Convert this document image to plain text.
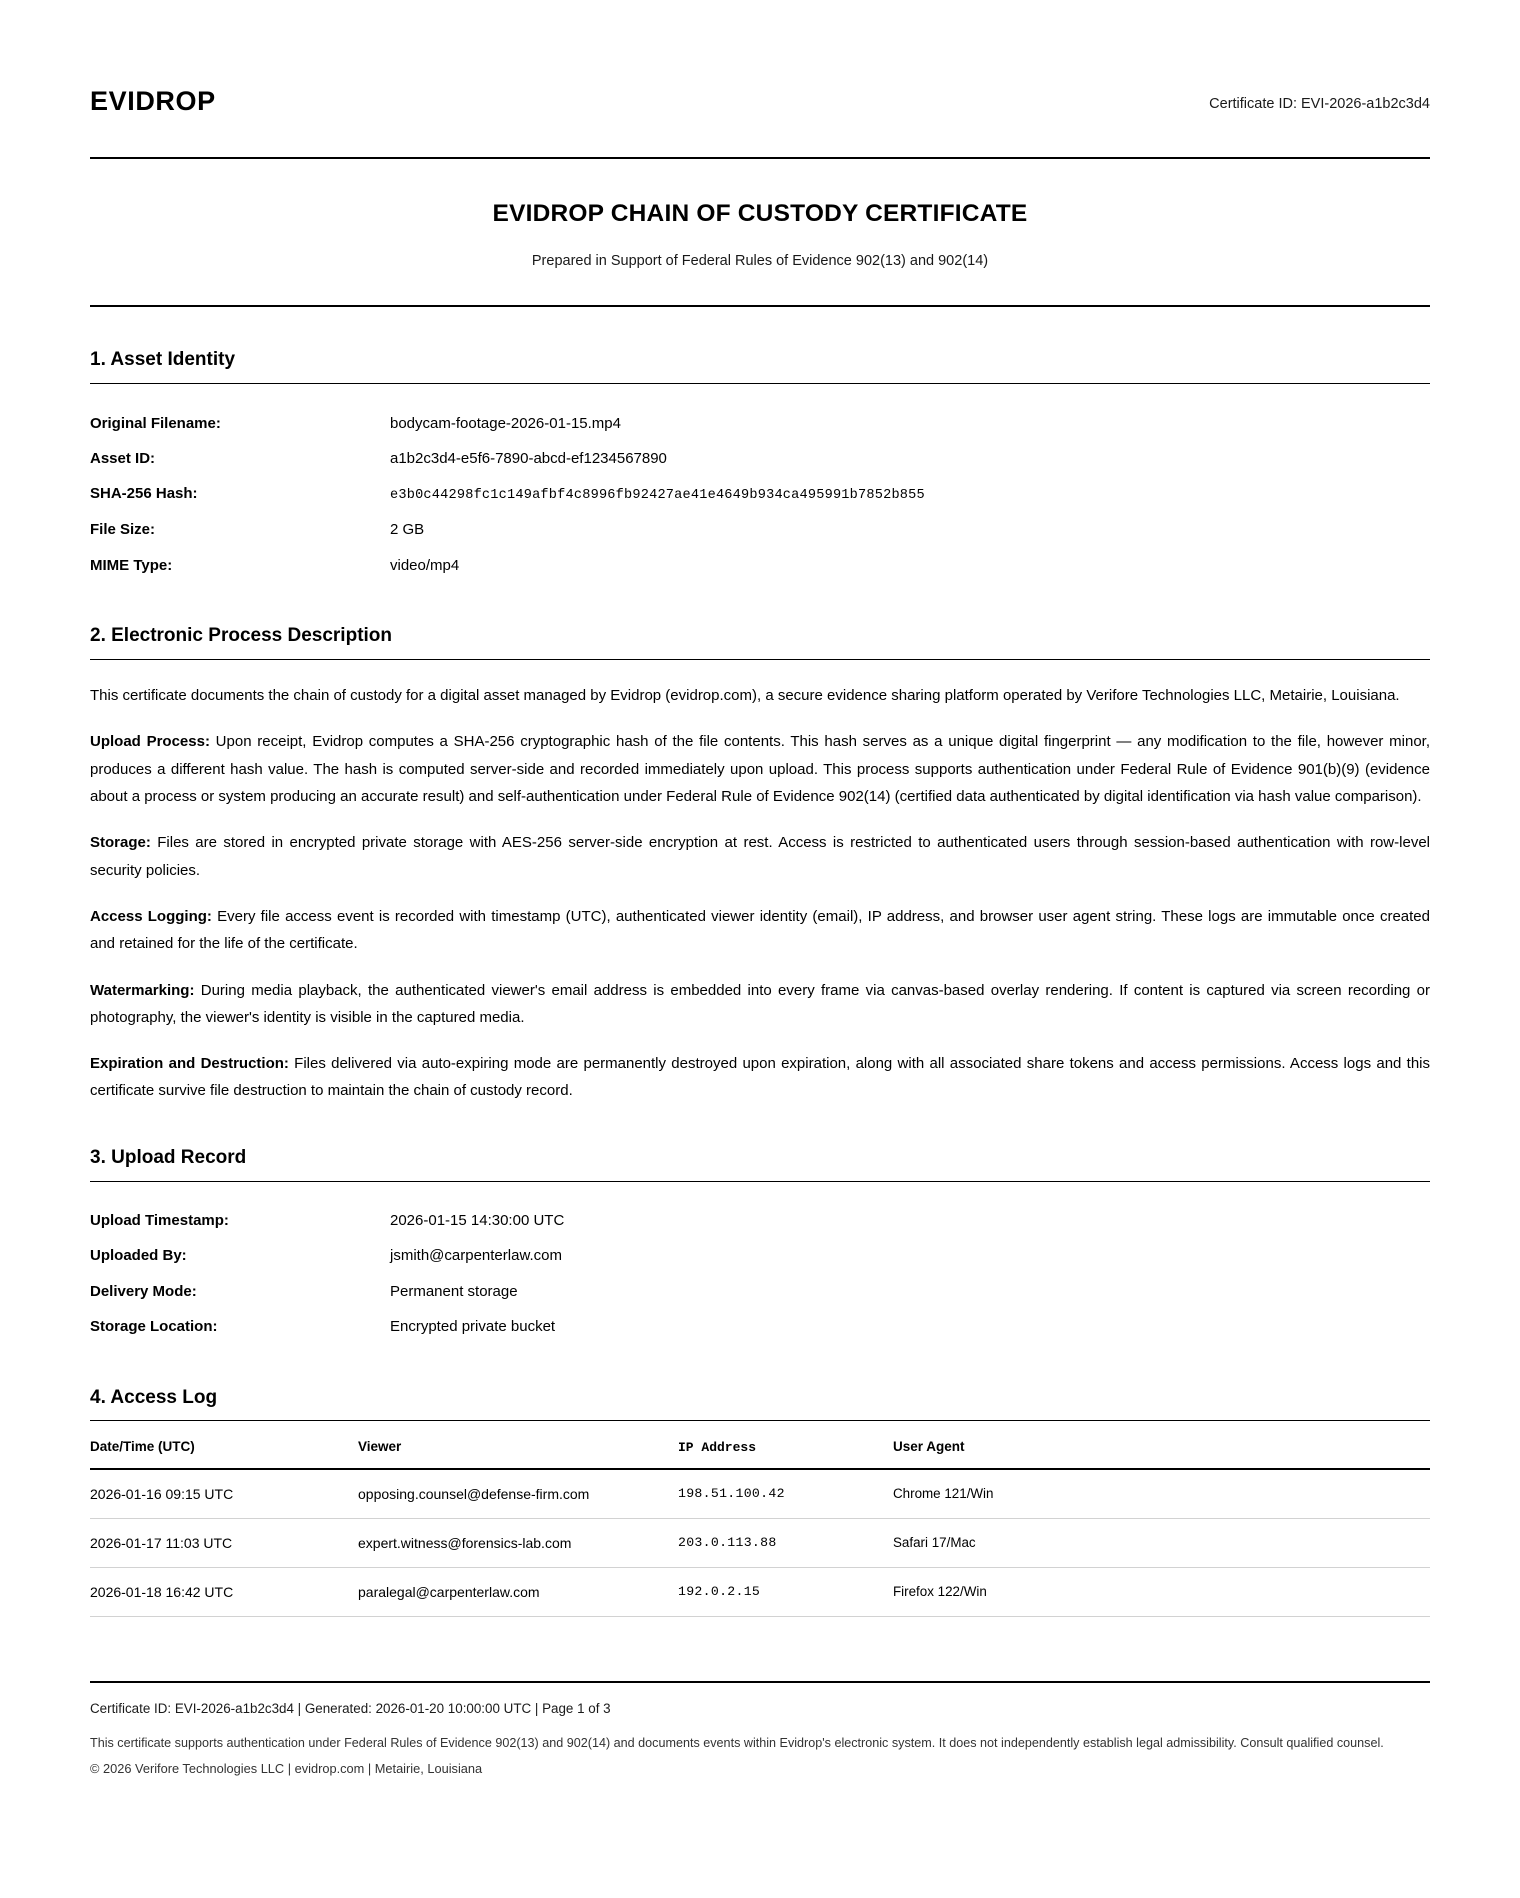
EVIDROP	Certificate ID: EVI-2026-a1b2c3d4
EVIDROP CHAIN OF CUSTODY CERTIFICATE

Prepared in Support of Federal Rules of Evidence 902(13) and 902(14)

1. Asset Identity
Original Filename:	bodycam-footage-2026-01-15.mp4
Asset ID:	a1b2c3d4-e5f6-7890-abcd-ef1234567890
SHA-256 Hash:	e3b0c44298fc1c149afbf4c8996fb92427ae41e4649b934ca495991b7852b855
File Size:	2 GB
MIME Type:	video/mp4
2. Electronic Process Description

This certificate documents the chain of custody for a digital asset managed by Evidrop (evidrop.com), a secure evidence sharing platform operated by Verifore Technologies LLC, Metairie, Louisiana.

Upload Process: Upon receipt, Evidrop computes a SHA-256 cryptographic hash of the file contents. This hash serves as a unique digital fingerprint — any modification to the file, however minor, produces a different hash value. The hash is computed server-side and recorded immediately upon upload. This process supports authentication under Federal Rule of Evidence 901(b)(9) (evidence about a process or system producing an accurate result) and self-authentication under Federal Rule of Evidence 902(14) (certified data authenticated by digital identification via hash value comparison).

Storage: Files are stored in encrypted private storage with AES-256 server-side encryption at rest. Access is restricted to authenticated users through session-based authentication with row-level security policies.

Access Logging: Every file access event is recorded with timestamp (UTC), authenticated viewer identity (email), IP address, and browser user agent string. These logs are immutable once created and retained for the life of the certificate.

Watermarking: During media playback, the authenticated viewer's email address is embedded into every frame via canvas-based overlay rendering. If content is captured via screen recording or photography, the viewer's identity is visible in the captured media.

Expiration and Destruction: Files delivered via auto-expiring mode are permanently destroyed upon expiration, along with all associated share tokens and access permissions. Access logs and this certificate survive file destruction to maintain the chain of custody record.

3. Upload Record
Upload Timestamp:	2026-01-15 14:30:00 UTC
Uploaded By:	jsmith@carpenterlaw.com
Delivery Mode:	Permanent storage
Storage Location:	Encrypted private bucket
4. Access Log
Date/Time (UTC)	Viewer	IP Address	User Agent
2026-01-16 09:15 UTC	opposing.counsel@defense-firm.com	198.51.100.42	Chrome 121/Win
2026-01-17 11:03 UTC	expert.witness@forensics-lab.com	203.0.113.88	Safari 17/Mac
2026-01-18 16:42 UTC	paralegal@carpenterlaw.com	192.0.2.15	Firefox 122/Win

Certificate ID: EVI-2026-a1b2c3d4 | Generated: 2026-01-20 10:00:00 UTC | Page 1 of 3

This certificate supports authentication under Federal Rules of Evidence 902(13) and 902(14) and documents events within Evidrop's electronic system. It does not independently establish legal admissibility. Consult qualified counsel.

© 2026 Verifore Technologies LLC | evidrop.com | Metairie, Louisiana
